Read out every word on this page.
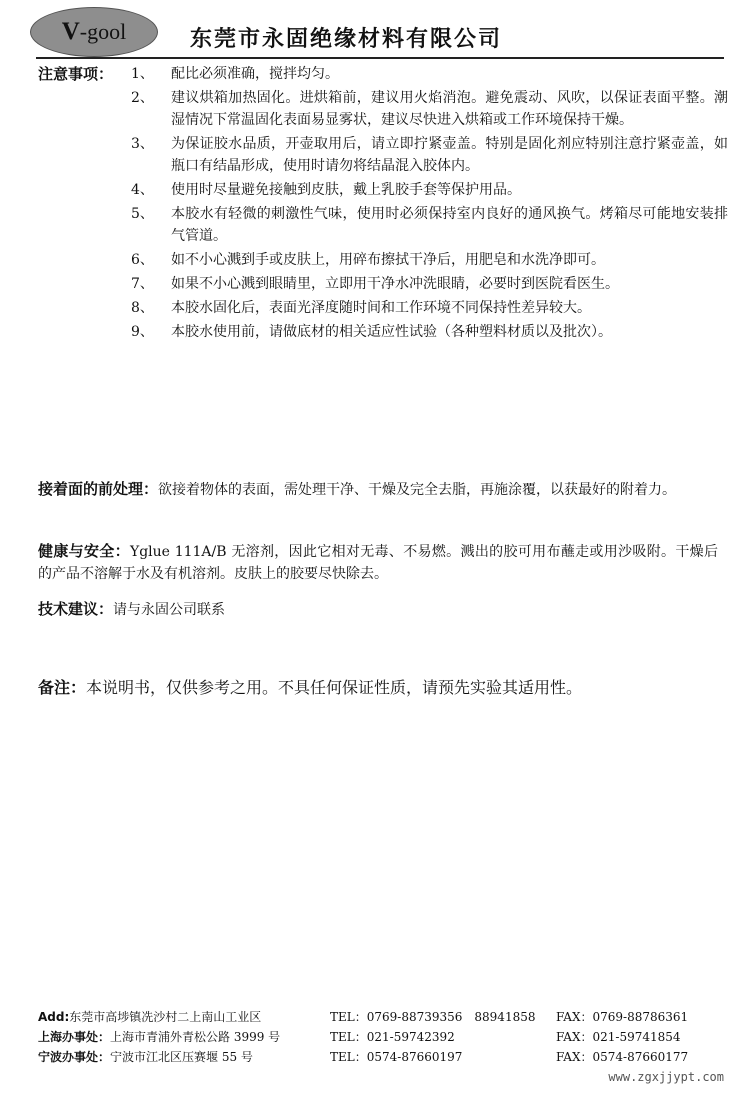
V -gool	东莞市永固绝缘材料有限公司
注意事项：	1、	配比必须准确，搅拌均匀。
2、	建议烘箱加热固化。进烘箱前，建议用火焰消泡。避免震动、风吹，以保证表面平整。潮湿情况下常温固化表面易显雾状，建议尽快进入烘箱或工作环境保持干燥。
3、	为保证胶水品质，开壶取用后，请立即拧紧壶盖。特别是固化剂应特别注意拧紧壶盖，如瓶口有结晶形成，使用时请勿将结晶混入胶体内。
4、	使用时尽量避免接触到皮肤，戴上乳胶手套等保护用品。
5、	本胶水有轻微的刺激性气味，使用时必须保持室内良好的通风换气。烤箱尽可能地安装排气管道。
6、	如不小心溅到手或皮肤上，用碎布擦拭干净后，用肥皂和水洗净即可。
7、	如果不小心溅到眼睛里，立即用干净水冲洗眼睛，必要时到医院看医生。
8、	本胶水固化后，表面光泽度随时间和工作环境不同保持性差异较大。
9、	本胶水使用前，请做底材的相关适应性试验（各种塑料材质以及批次）。
接着面的前处理：欲接着物体的表面，需处理干净、干燥及完全去脂，再施涂覆，以获最好的附着力。
健康与安全：Yglue 111A/B 无溶剂，因此它相对无毒、不易燃。溅出的胶可用布蘸走或用沙吸附。干燥后的产品不溶解于水及有机溶剂。皮肤上的胶要尽快除去。
技术建议：请与永固公司联系
备注：本说明书，仅供参考之用。不具任何保证性质，请预先实验其适用性。
Add:东莞市高埗镇冼沙村二上南山工业区	TEL：0769-88739356　88941858	FAX：0769-88786361
上海办事处：上海市青浦外青松公路 3999 号	TEL：021-59742392	FAX：021-59741854
宁波办事处：宁波市江北区压赛堰 55 号	TEL：0574-87660197	FAX：0574-87660177
www.zgxjjypt.com
